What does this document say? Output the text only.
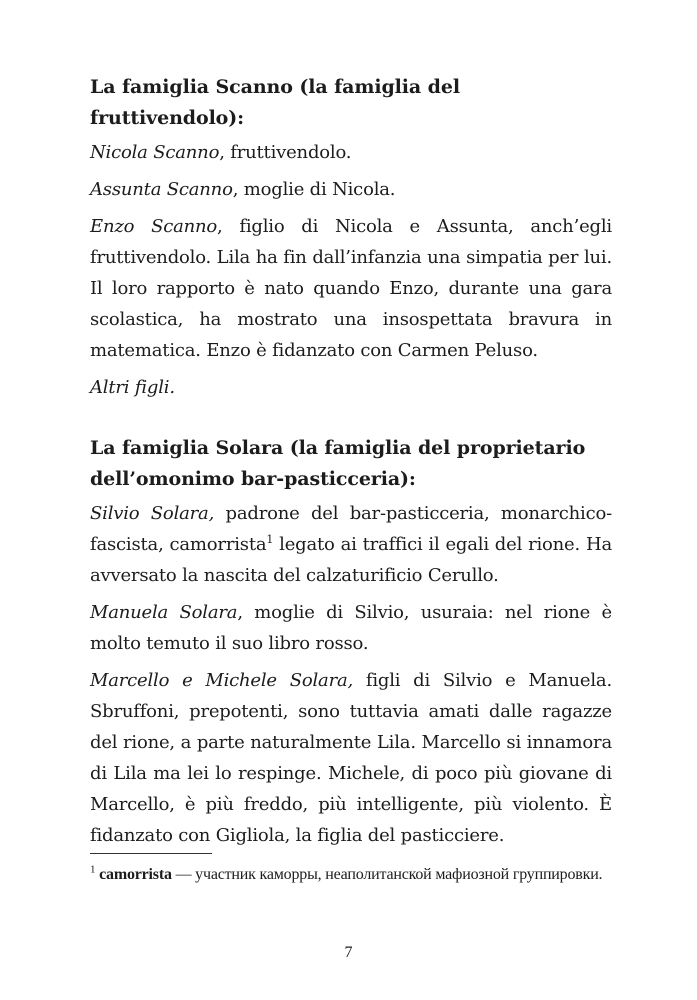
La famiglia Scanno (la famiglia del fruttivendolo):

Nicola Scanno, fruttivendolo.

Assunta Scanno, moglie di Nicola.

Enzo Scanno, figlio di Nicola e Assunta, anch’egli fruttivendolo. Lila ha fin dall’infanzia una simpatia per lui. Il loro rapporto è nato quando Enzo, durante una gara scolastica, ha mostrato una insospettata bravura in matematica. Enzo è fidanzato con Carmen Peluso.

Altri figli.

La famiglia Solara (la famiglia del proprietario dell’omonimo bar-pasticceria):

Silvio Solara, padrone del bar-pasticceria, monarchico-fascista, camorrista$^1$ legato ai traffici il egali del rione. Ha avversato la nascita del calzaturificio Cerullo.

Manuela Solara, moglie di Silvio, usuraia: nel rione è molto temuto il suo libro rosso.

Marcello e Michele Solara, figli di Silvio e Manuela. Sbruffoni, prepotenti, sono tuttavia amati dalle ragazze del rione, a parte naturalmente Lila. Marcello si innamora di Lila ma lei lo respinge. Michele, di poco più giovane di Marcello, è più freddo, più intelligente, più violento. È fidanzato con Gigliola, la figlia del pasticciere.

$^1$ camorrista — участник каморры, неаполитанской мафиозной группировки.

7
